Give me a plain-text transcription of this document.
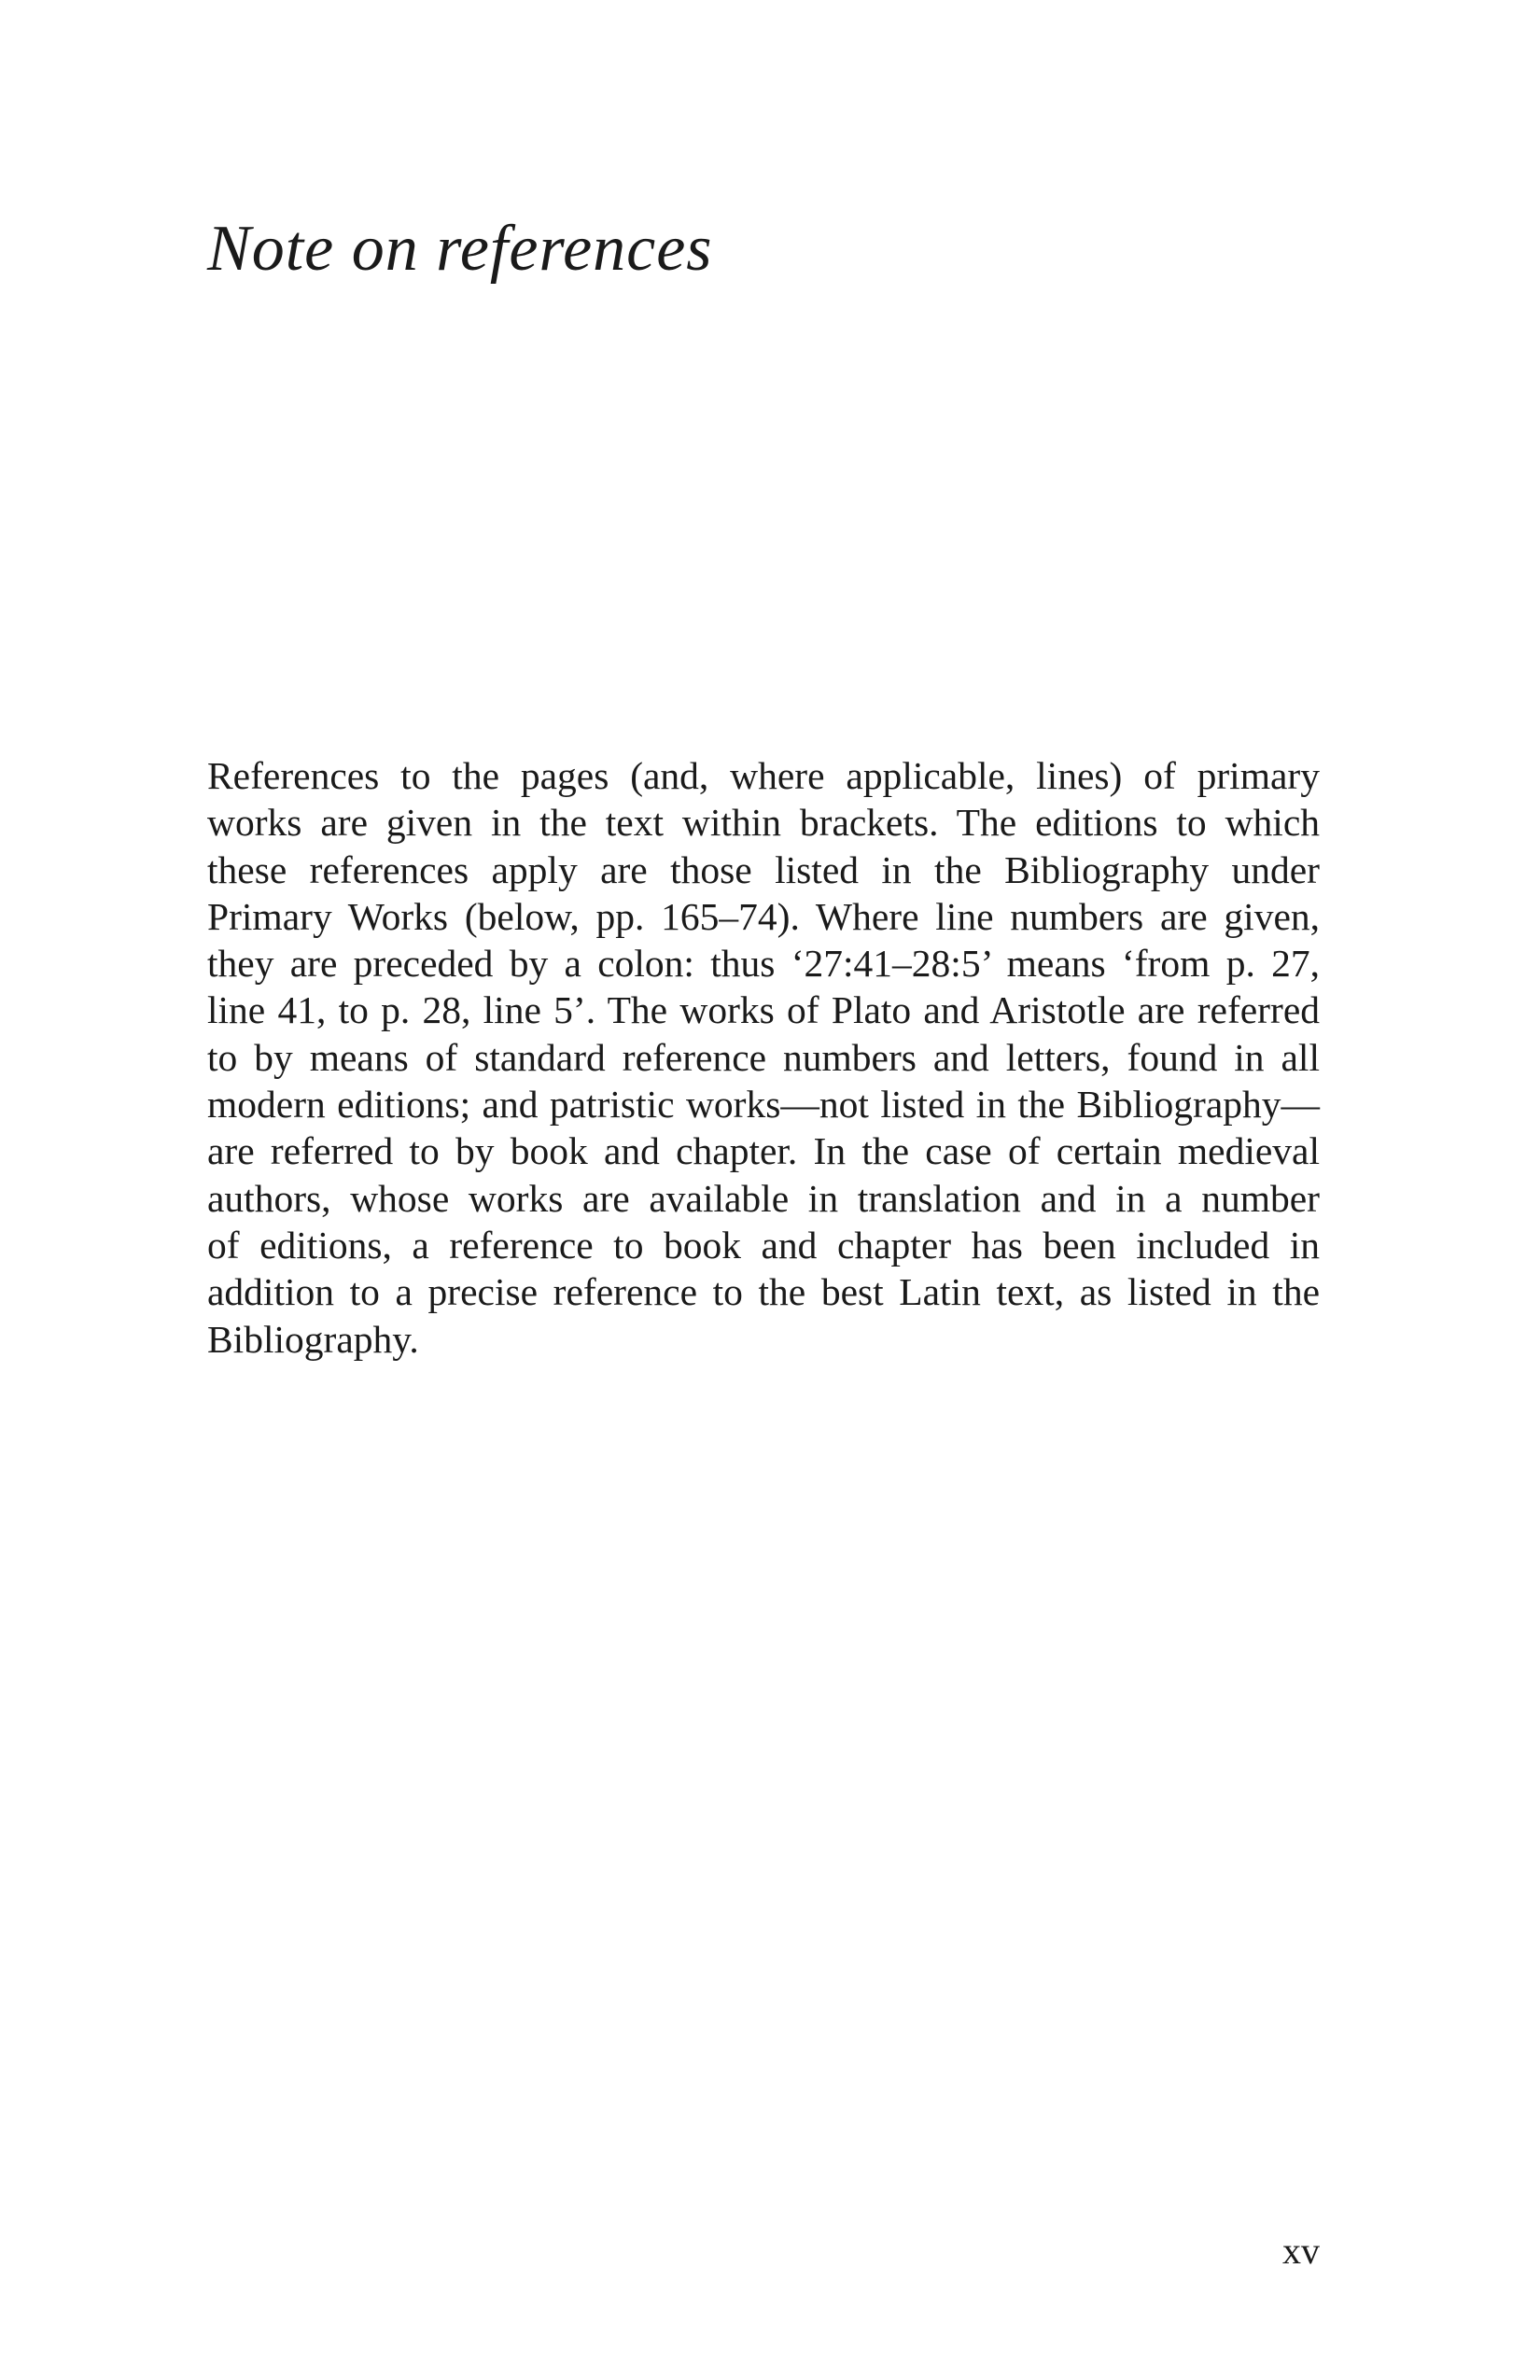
Note on references

References to the pages (and, where applicable, lines) of primary
works are given in the text within brackets. The editions to which
these references apply are those listed in the Bibliography under
Primary Works (below, pp. 165–74). Where line numbers are given,
they are preceded by a colon: thus ‘27:41–28:5’ means ‘from p. 27,
line 41, to p. 28, line 5’. The works of Plato and Aristotle are referred
to by means of standard reference numbers and letters, found in all
modern editions; and patristic works—not listed in the Bibliography—
are referred to by book and chapter. In the case of certain medieval
authors, whose works are available in translation and in a number
of editions, a reference to book and chapter has been included in
addition to a precise reference to the best Latin text, as listed in the
Bibliography.

xv
